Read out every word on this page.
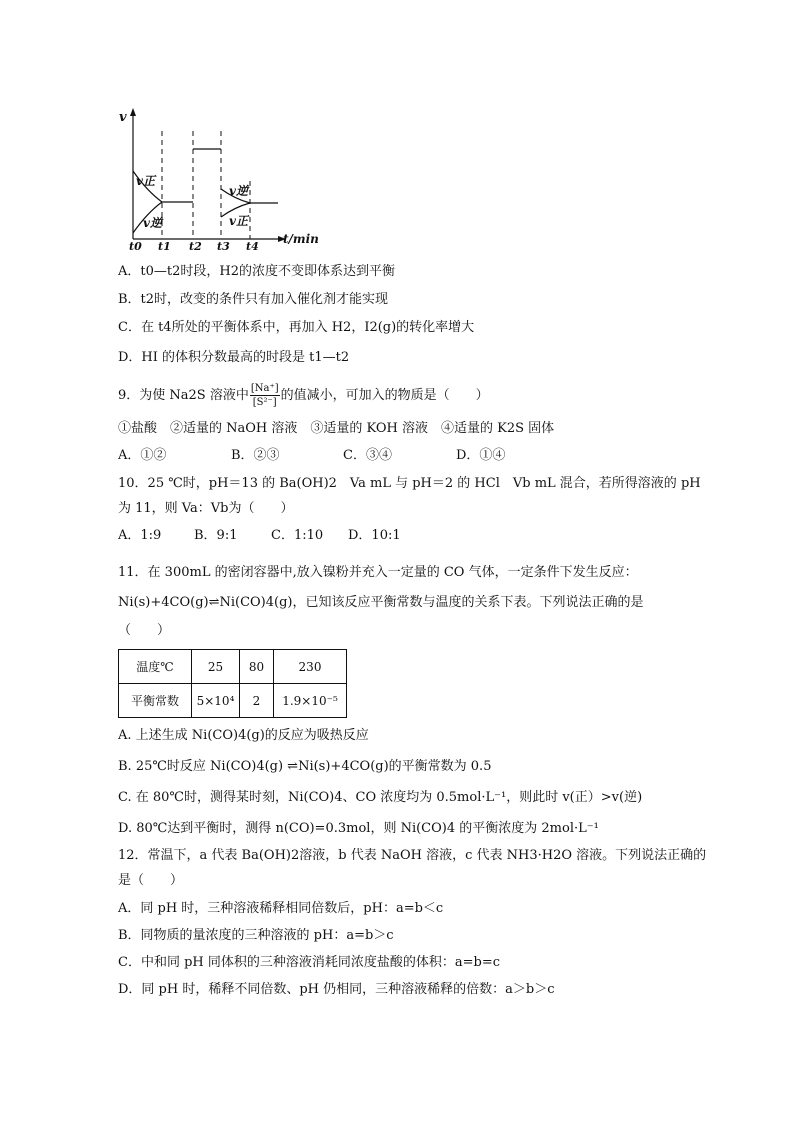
v
t/min
v正
v逆
v逆
v正
t0 t1 t2 t3 t4
A．t0—t2时段，H2的浓度不变即体系达到平衡
B．t2时，改变的条件只有加入催化剂才能实现
C．在 t4所处的平衡体系中，再加入 H2，I2(g)的转化率增大
D．HI 的体积分数最高的时段是 t1—t2
9．为使 Na2S 溶液中 $\frac{[Na^+]}{\text{[S²⁻]}}$ 的值减小，可加入的物质是（　　）
①盐酸　②适量的 NaOH 溶液　③适量的 KOH 溶液　④适量的 K2S 固体
A．①②	B．②③	C．③④	D．①④
10．25 ℃时，pH＝13 的 Ba(OH)2　Va mL 与 pH＝2 的 HCl　Vb mL 混合，若所得溶液的 pH
为 11，则 Va：Vb为（　　）
A．1:9	B．9:1	C．1:10 D．10:1
11．在 300mL 的密闭容器中,放入镍粉并充入一定量的 CO 气体，一定条件下发生反应：
Ni(s)+4CO(g)⇌Ni(CO)4(g)，已知该反应平衡常数与温度的关系下表。下列说法正确的是
（　　）
温度℃	25	80	230
平衡常数	5×10⁴	2	1.9×10⁻⁵
A. 上述生成 Ni(CO)4(g)的反应为吸热反应
B. 25℃时反应 Ni(CO)4(g) ⇌Ni(s)+4CO(g)的平衡常数为 0.5
C. 在 80℃时，测得某时刻，Ni(CO)4、CO 浓度均为 0.5mol·L⁻¹，则此时 v(正）>v(逆)
D. 80℃达到平衡时，测得 n(CO)=0.3mol，则 Ni(CO)4 的平衡浓度为 2mol·L⁻¹
12．常温下，a 代表 Ba(OH)2溶液，b 代表 NaOH 溶液，c 代表 NH3·H2O 溶液。下列说法正确的
是（　　）
A．同 pH 时，三种溶液稀释相同倍数后，pH：a=b＜c
B．同物质的量浓度的三种溶液的 pH：a=b＞c
C．中和同 pH 同体积的三种溶液消耗同浓度盐酸的体积：a=b=c
D．同 pH 时，稀释不同倍数、pH 仍相同，三种溶液稀释的倍数：a＞b＞c
